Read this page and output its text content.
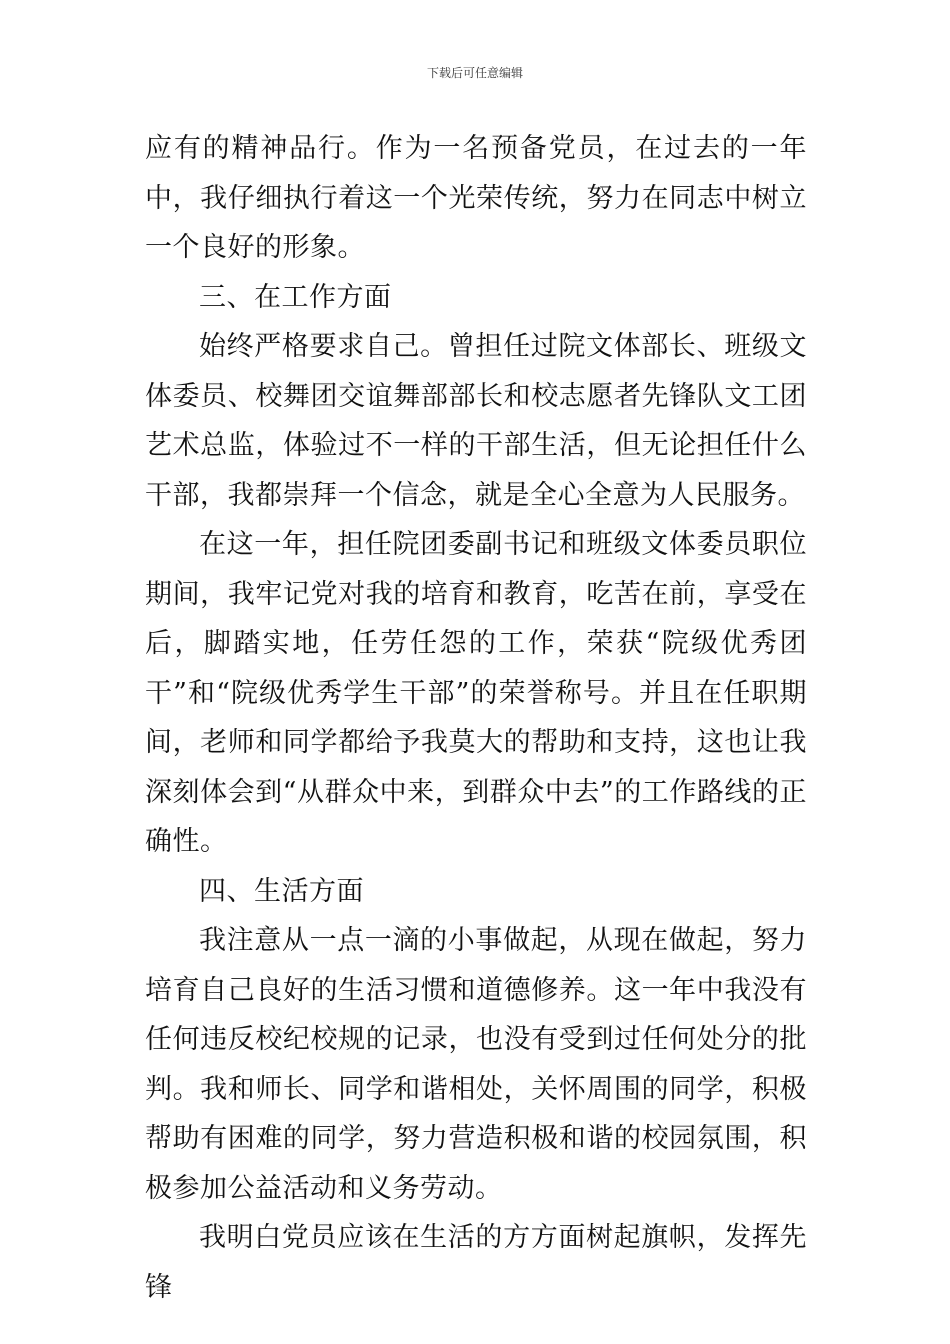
下载后可任意编辑

应有的精神品行。作为一名预备党员，在过去的一年中，我仔细执行着这一个光荣传统，努力在同志中树立一个良好的形象。

三、在工作方面

始终严格要求自己。曾担任过院文体部长、班级文体委员、校舞团交谊舞部部长和校志愿者先锋队文工团艺术总监，体验过不一样的干部生活，但无论担任什么干部，我都崇拜一个信念，就是全心全意为人民服务。

在这一年，担任院团委副书记和班级文体委员职位期间，我牢记党对我的培育和教育，吃苦在前，享受在后，脚踏实地，任劳任怨的工作，荣获“院级优秀团干”和“院级优秀学生干部”的荣誉称号。并且在任职期间，老师和同学都给予我莫大的帮助和支持，这也让我深刻体会到“从群众中来，到群众中去”的工作路线的正确性。

四、生活方面

我注意从一点一滴的小事做起，从现在做起，努力培育自己良好的生活习惯和道德修养。这一年中我没有任何违反校纪校规的记录，也没有受到过任何处分的批判。我和师长、同学和谐相处，关怀周围的同学，积极帮助有困难的同学，努力营造积极和谐的校园氛围，积极参加公益活动和义务劳动。

我明白党员应该在生活的方方面树起旗帜，发挥先锋
